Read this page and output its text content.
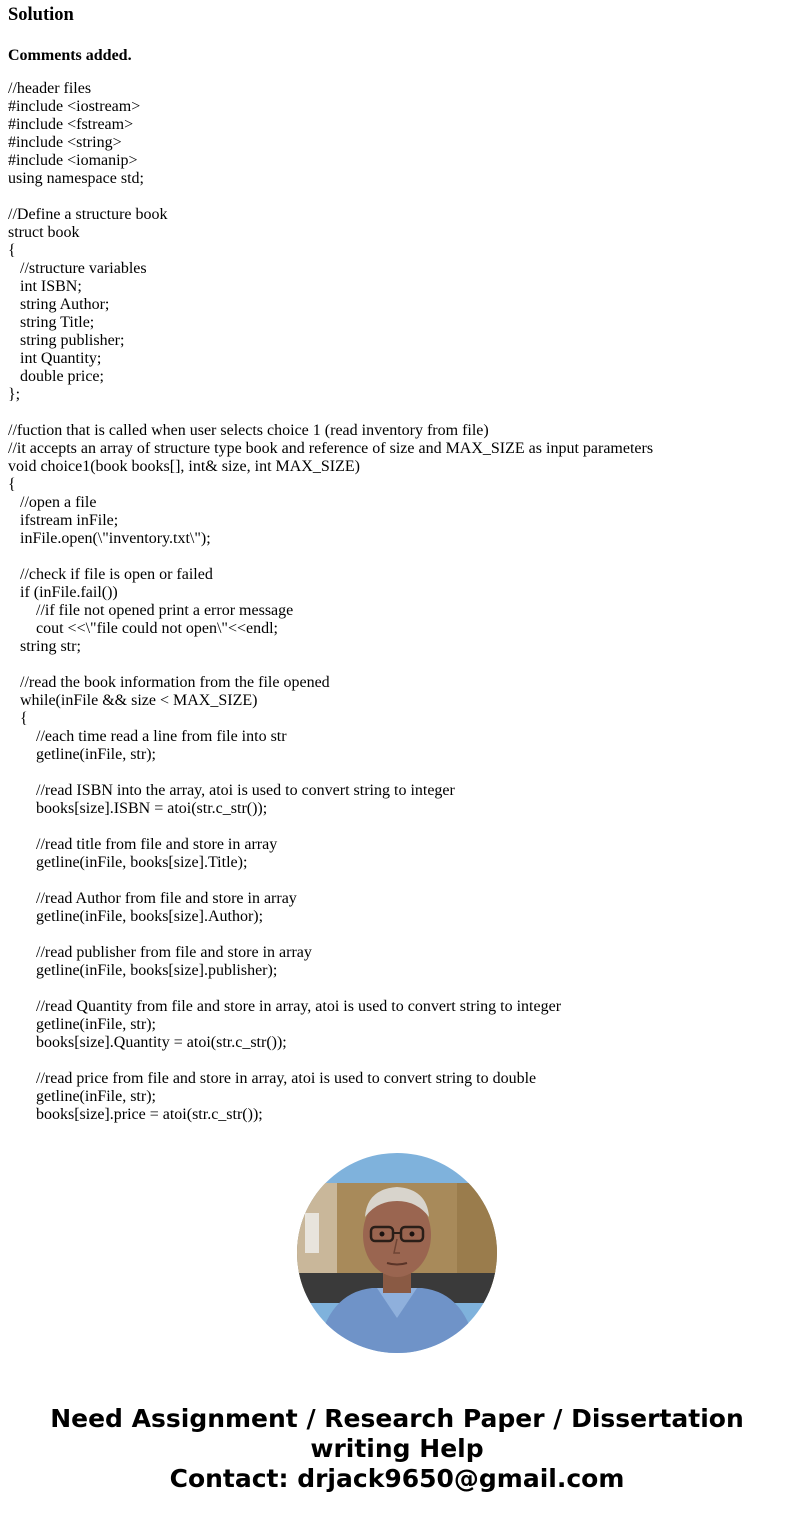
Solution
Comments added.
//header files
#include <iostream>
#include <fstream>
#include <string>
#include <iomanip>
using namespace std;
//Define a structure book
struct book
{
//structure variables
int ISBN;
string Author;
string Title;
string publisher;
int Quantity;
double price;
};
//fuction that is called when user selects choice 1 (read inventory from file)
//it accepts an array of structure type book and reference of size and MAX_SIZE as input parameters
void choice1(book books[], int& size, int MAX_SIZE)
{
//open a file
ifstream inFile;
inFile.open(\"inventory.txt\");
//check if file is open or failed
if (inFile.fail())
//if file not opened print a error message
cout <<\"file could not open\"<<endl;
string str;
//read the book information from the file opened
while(inFile && size < MAX_SIZE)
{
//each time read a line from file into str
getline(inFile, str);
//read ISBN into the array, atoi is used to convert string to integer
books[size].ISBN = atoi(str.c_str());
//read title from file and store in array
getline(inFile, books[size].Title);
//read Author from file and store in array
getline(inFile, books[size].Author);
//read publisher from file and store in array
getline(inFile, books[size].publisher);
//read Quantity from file and store in array, atoi is used to convert string to integer
getline(inFile, str);
books[size].Quantity = atoi(str.c_str());
//read price from file and store in array, atoi is used to convert string to double
getline(inFile, str);
books[size].price = atoi(str.c_str());
Need Assignment / Research Paper / Dissertation
writing Help
Contact: drjack9650@gmail.com
